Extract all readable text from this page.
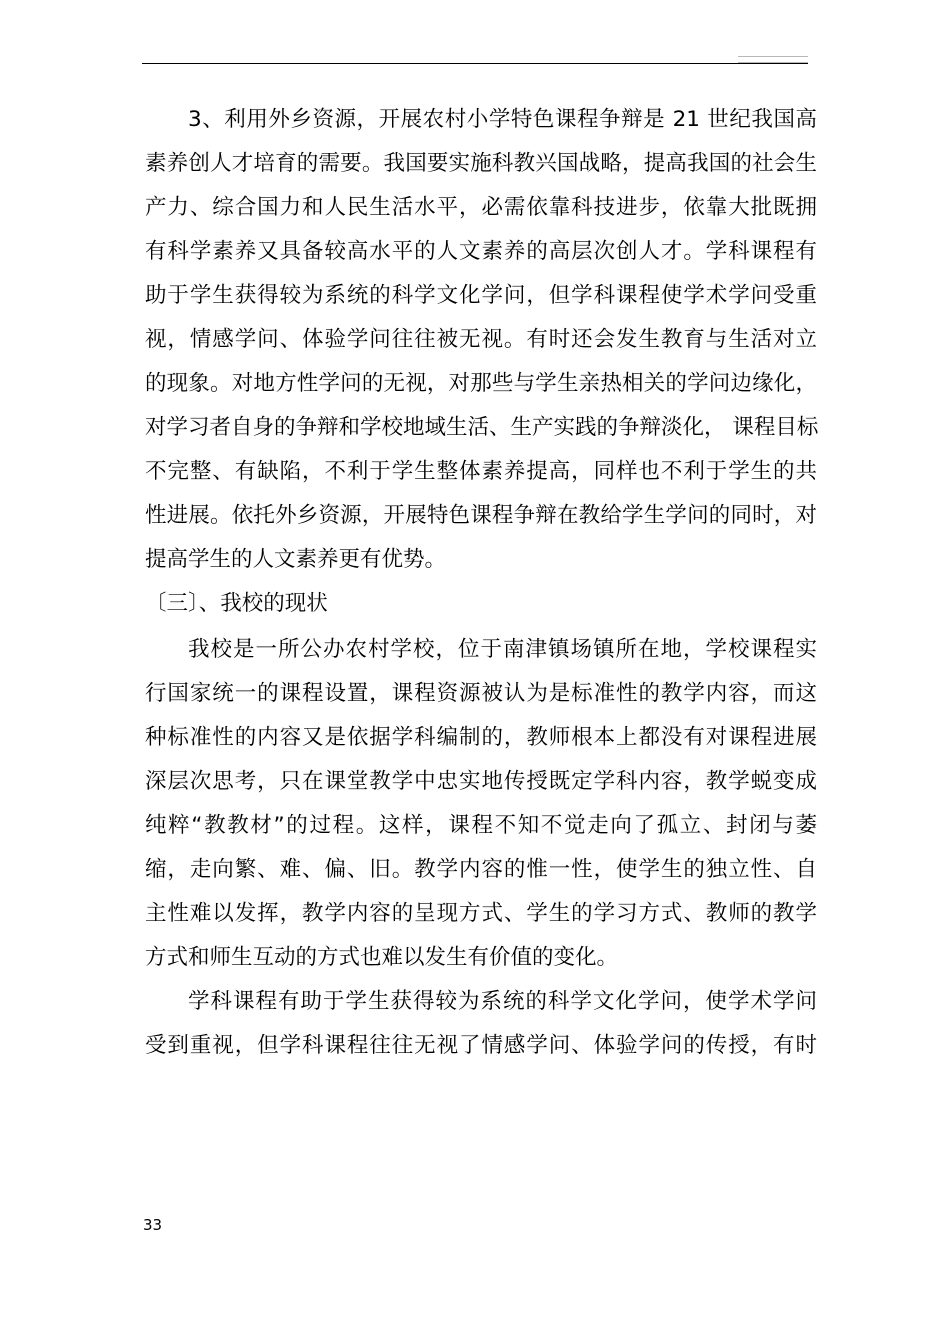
3、利用外乡资源，开展农村小学特色课程争辩是 21 世纪我国高
素养创人才培育的需要。我国要实施科教兴国战略，提高我国的社会生
产力、综合国力和人民生活水平，必需依靠科技进步，依靠大批既拥
有科学素养又具备较高水平的人文素养的高层次创人才。学科课程有
助于学生获得较为系统的科学文化学问，但学科课程使学术学问受重
视，情感学问、体验学问往往被无视。有时还会发生教育与生活对立
的现象。对地方性学问的无视，对那些与学生亲热相关的学问边缘化，
对学习者自身的争辩和学校地域生活、生产实践的争辩淡化， 课程目标
不完整、有缺陷，不利于学生整体素养提高，同样也不利于学生的共
性进展。依托外乡资源，开展特色课程争辩在教给学生学问的同时，对
提高学生的人文素养更有优势。
〔三〕、我校的现状
我校是一所公办农村学校，位于南津镇场镇所在地，学校课程实
行国家统一的课程设置，课程资源被认为是标准性的教学内容，而这
种标准性的内容又是依据学科编制的，教师根本上都没有对课程进展
深层次思考，只在课堂教学中忠实地传授既定学科内容，教学蜕变成
纯粹“教教材”的过程。这样，课程不知不觉走向了孤立、封闭与萎
缩，走向繁、难、偏、旧。教学内容的惟一性，使学生的独立性、自
主性难以发挥，教学内容的呈现方式、学生的学习方式、教师的教学
方式和师生互动的方式也难以发生有价值的变化。
学科课程有助于学生获得较为系统的科学文化学问，使学术学问
受到重视，但学科课程往往无视了情感学问、体验学问的传授，有时
33
